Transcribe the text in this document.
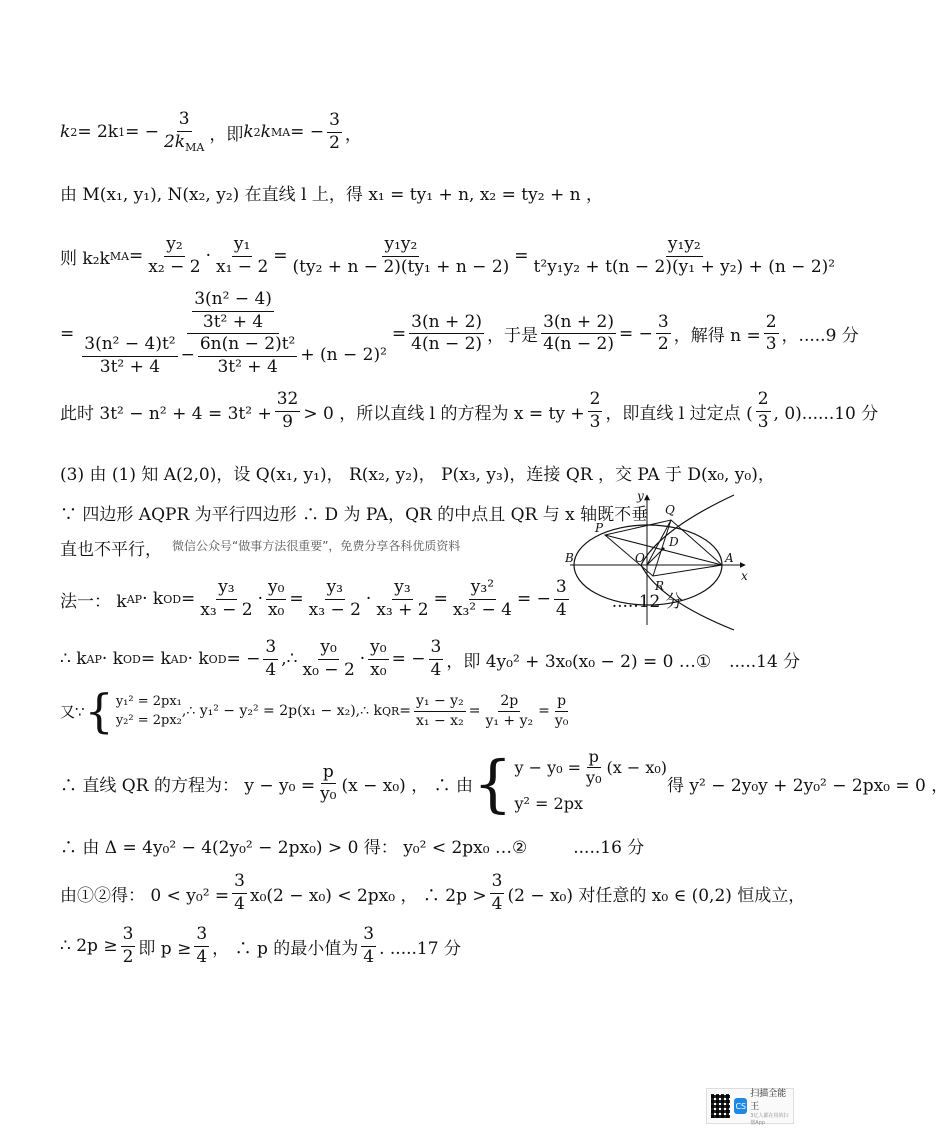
k 2 = 2k 1 = − $\frac{3}{2k_{MA}}$ ，即 k 2 k MA = − $\frac{3}{2}$ ，
由 M(x₁, y₁), N(x₂, y₂) 在直线 l 上，得 x₁ = ty₁ + n, x₂ = ty₂ + n ，
则 k₂k MA = $\frac{\text{y₂}}{\text{x₂ − 2}} \cdot \frac{\text{y₁}}{\text{x₁ − 2}} = \frac{\text{y₁y₂}}{\text{(ty₂ + n − 2)(ty₁ + n − 2)}} = \frac{\text{y₁y₂}}{\text{t²y₁y₂ + t(n − 2)(y₁ + y₂) + (n − 2)²}}$
=
$\frac{\text{3(n² − 4)}}{\text{3t² + 4}}$
$\frac{\text{3(n² − 4)t²}}{\text{3t² + 4}} - \frac{\text{6n(n − 2)t²}}{\text{3t² + 4}} + (n - 2)^2$
= $\frac{3(n + 2)}{4(n - 2)}$ ，于是 $\frac{3(n + 2)}{4(n - 2)}$ = − $\frac{3}{2}$ ，解得 $n = \frac{2}{3}$ ，.....9 分
此时 $3t^2 - n^2 + 4 = 3t^2 + \frac{32}{9} > 0$ ，所以直线 l 的方程为 x = ty + $\frac{2}{3}$ ，即直线 l 过定点 ( $\frac{2}{3}$ , 0)......10 分
(3) 由 (1) 知 A(2,0)，设 Q(x₁, y₁)， R(x₂, y₂)， P(x₃, y₃)，连接 QR ，交 PA 于 D(x₀, y₀)，
∵ 四边形 AQPR 为平行四边形 ∴ D 为 PA，QR 的中点且 QR 与 x 轴既不垂
直也不平行， 微信公众号“做事方法很重要”，免费分享各科优质资料
y
Q
P
D
B	O	A
x
R
法一： k AP · k OD = $\frac{\text{y₃}}{\text{x₃ − 2}} \cdot \frac{\text{y₀}}{\text{x₀}} = \frac{\text{y₃}}{\text{x₃ − 2}} \cdot \frac{\text{y₃}}{\text{x₃ + 2}} = \frac{\text{y₃²}}{\text{x₃² − 4}}$ = − $\frac{3}{4}$	.....12 分
∴ k AP · k OD = k AD · k OD = − $\frac{3}{4}$ ,∴ $\frac{\text{y₀}}{\text{x₀ − 2}} \cdot \frac{\text{y₀}}{\text{x₀}}$ = − $\frac{3}{4}$ ，即 4y₀² + 3x₀(x₀ − 2) = 0 …① .....14 分
又∵ { y₁² = 2px₁
y₂² = 2px₂
,∴ y₁² − y₂² = 2p(x₁ − x₂),∴ k QR = $\frac{\text{y₁ − y₂}}{\text{x₁ − x₂}} = \frac{2p}{\text{y₁ + y₂}} = \frac{p}{\text{y₀}}$
∴ 直线 QR 的方程为： $y - y_0 = \frac{p}{\text{y₀}} (x - x_0)$ ， ∴ 由 { $y - y_0 = \frac{p}{\text{y₀}} (x - x_0)$
y² = 2px
得 y² − 2y₀y + 2y₀² − 2px₀ = 0 ，
∴ 由 Δ = 4y₀² − 4(2y₀² − 2px₀) > 0 得： y₀² < 2px₀ …②	.....16 分
由①②得： $0 < y_0^2 = \frac{3}{4} x_0(2 - x_0) < 2px_0$ ， ∴ $2p > \frac{3}{4} (2 - x_0)$ 对任意的 x₀ ∈ (0,2) 恒成立，
∴ $2p \ge \frac{3}{2}$ 即 $p \ge \frac{3}{4}$ ， ∴ p 的最小值为 $\frac{3}{4}$ . .....17 分
CS
扫描全能王
3亿人都在用的扫描App
